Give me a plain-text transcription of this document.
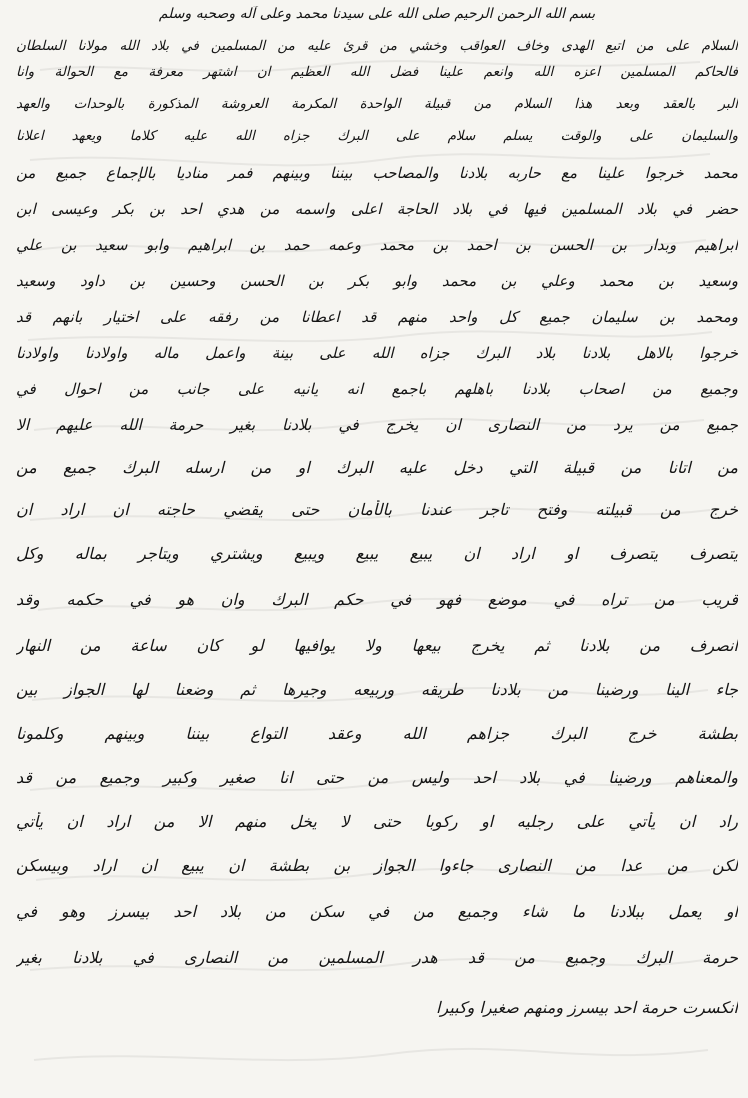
بسم الله الرحمن الرحيم صلى الله على سيدنا محمد وعلى آله وصحبه وسلم
السلام على من اتبع الهدى وخاف العواقب وخشي من قرئ عليه من المسلمين في بلاد الله مولانا السلطان
فالحاكم المسلمين اعزه الله وانعم علينا فضل الله العظيم ان اشتهر معرفة مع الحوالة وانا
البر بالعقد وبعد هذا السلام من قبيلة الواحدة المكرمة العروشة المذكورة بالوحدات والعهد
والسليمان على والوقت يسلم سلام على البرك جزاه الله عليه كلاما ويعهد اعلانا
محمد خرجوا علينا مع حاربه بلادنا والمصاحب بيننا وبينهم فمر مناديا بالإجماع جميع من
حضر في بلاد المسلمين فيها في بلاد الحاجة اعلى واسمه من هدي احد بن بكر وعيسى ابن
ابراهيم وبدار بن الحسن بن احمد بن محمد وعمه حمد بن ابراهيم وابو سعيد بن علي
وسعيد بن محمد وعلي بن محمد وابو بكر بن الحسن وحسين بن داود وسعيد
ومحمد بن سليمان جميع كل واحد منهم قد اعطانا من رفقه على اختيار بانهم قد
خرجوا بالاهل بلادنا بلاد البرك جزاه الله على بينة واعمل ماله واولادنا واولادنا
وجميع من اصحاب بلادنا باهلهم باجمع انه يانيه على جانب من احوال في
جميع من يرد من النصارى ان يخرج في بلادنا بغير حرمة الله عليهم الا
من اتانا من قبيلة التي دخل عليه البرك او من ارسله البرك جميع من
خرج من قبيلته وفتح تاجر عندنا بالأمان حتى يقضي حاجته ان اراد ان
يتصرف يتصرف او اراد ان يبيع يبيع ويبيع ويشتري ويتاجر بماله وكل
قريب من تراه في موضع فهو في حكم البرك وان هو في حكمه وقد
انصرف من بلادنا ثم يخرج بيعها ولا يوافيها لو كان ساعة من النهار
جاء الينا ورضينا من بلادنا طريقه وربيعه وجيرها ثم وضعنا لها الجواز بين
بطشة خرج البرك جزاهم الله وعقد التواع بيننا وبينهم وكلمونا
والمعناهم ورضينا في بلاد احد وليس من حتى انا صغير وكبير وجميع من قد
راد ان يأتي على رجليه او ركوبا حتى لا يخل منهم الا من اراد ان يأتي
لكن من عدا من النصارى جاءوا الجواز بن بطشة ان يبيع ان اراد وبيسكن
او يعمل ببلادنا ما شاء وجميع من في سكن من بلاد احد بيسرز وهو في
حرمة البرك وجميع من قد هدر المسلمين من النصارى في بلادنا بغير
انكسرت حرمة احد بيسرز ومنهم صغيرا وكبيرا
